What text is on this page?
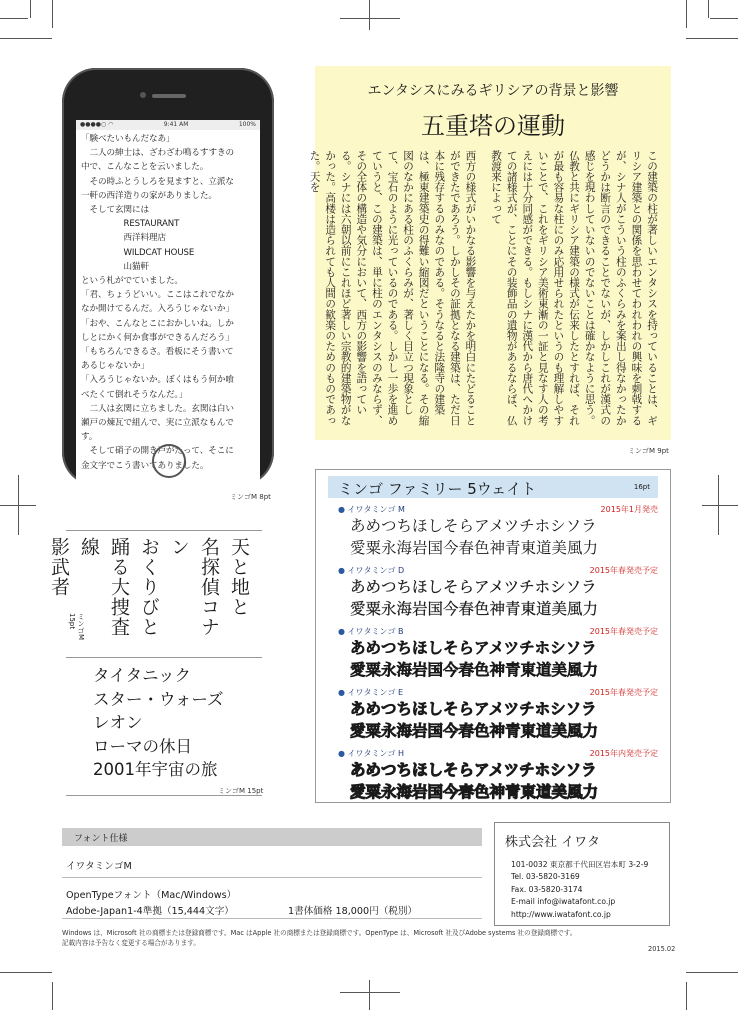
●●●●○ ◠	9:41 AM	100%
「験べたいもんだなあ」
　二人の紳士は、ざわざわ鳴るすすきの
中で、こんなことを云いました。
　その時ふとうしろを見ますと、立派な
一軒の西洋造りの家がありました。
　そして玄関には
　　　　　RESTAURANT
　　　　　西洋料理店
　　　　　WILDCAT HOUSE
　　　　　山猫軒
という札がでていました。
「君、ちょうどいい。ここはこれでなか
なか開けてるんだ。入ろうじゃないか」
「おや、こんなとこにおかしいね。しか
しとにかく何か食事ができるんだろう」
「もちろんできるさ。看板にそう書いて
あるじゃないか」
「入ろうじゃないか。ぼくはもう何か喰
べたくて倒れそうなんだ。」
　二人は玄関に立ちました。玄関は白い
瀬戸の煉瓦で組んで、実に立派なもんで
す。
　そして硝子の開き戸がたって、そこに
金文字でこう書いてありました。
ミンゴM 8pt
エンタシスにみるギリシアの背景と影響
五重塔の運動

この建築の柱が著しいエンタシスを持っていることは、ギリシア建築との関係を思わせてわれわれの興味を刺戟するが、シナ人がこういう柱のふくらみを案出し得なかったかどうかは断言のできることでないが、しかしこれが漢式の感じを現わしていないのでないことは確かなように思う。仏教と共にギリシア建築の様式が伝来したとすれば、それが最も容易な柱にのみ応用せられたというのも理解しやすいことで、これをギリシア美術東漸の一証と見なす人の考えには十分同感ができる。もしシナに漢代から唐代へかけての諸様式が、ことにその装飾品の遺物があるならば、仏教渡来によって

西方の様式がいかなる影響を与えたかを明白にたどることができたであろう。しかしその証拠となる建築は、ただ日本に残存するのみなのである。そうなると法隆寺の建築は、極東建築史の得難い縮図だということになる。その縮図のなかにある柱のふくらみが、著しく目立つ現象として、宝石のように光っているのである。しかし一歩を進めていうと、この建築は、単に柱のエンタシスのみならず、その全体の構造や気分において、西方の影響を語っている。シナには六朝以前にこれほど著しい宗教的建築物がなかった。高楼は造られても人間の歓楽のためのものであった。天を

ミンゴM 9pt
ミンゴ ファミリー 5ウェイト	16pt
● イワタミンゴ M	2015年1月発売
あめつちほしそらアメツチホシソラ
愛粟永海岩国今春色神青東道美風力
● イワタミンゴ D	2015年春発売予定
あめつちほしそらアメツチホシソラ
愛粟永海岩国今春色神青東道美風力
● イワタミンゴ B	2015年春発売予定
あめつちほしそらアメツチホシソラ
愛粟永海岩国今春色神青東道美風力
● イワタミンゴ E	2015年春発売予定
あめつちほしそらアメツチホシソラ
愛粟永海岩国今春色神青東道美風力
● イワタミンゴ H	2015年内発売予定
あめつちほしそらアメツチホシソラ
愛粟永海岩国今春色神青東道美風力
天と地と
名探偵コナン
おくりびと
踊る大捜査線
影武者
ミンゴM 15pt
タイタニック
スター・ウォーズ
レオン
ローマの休日
2001年宇宙の旅
ミンゴM 15pt
フォント仕様
イワタミンゴM
OpenTypeフォント（Mac/Windows）
Adobe-Japan1-4準拠（15,444文字）	1書体価格 18,000円（税別）
株式会社 イワタ
101-0032 東京都千代田区岩本町 3-2-9
Tel. 03-5820-3169
Fax. 03-5820-3174
E-mail info@iwatafont.co.jp
http://www.iwatafont.co.jp
Windows は、Microsoft 社の商標または登録商標です。Mac はApple 社の商標または登録商標です。OpenType は、Microsoft 社及びAdobe systems 社の登録商標です。
記載内容は予告なく変更する場合があります。
2015.02
